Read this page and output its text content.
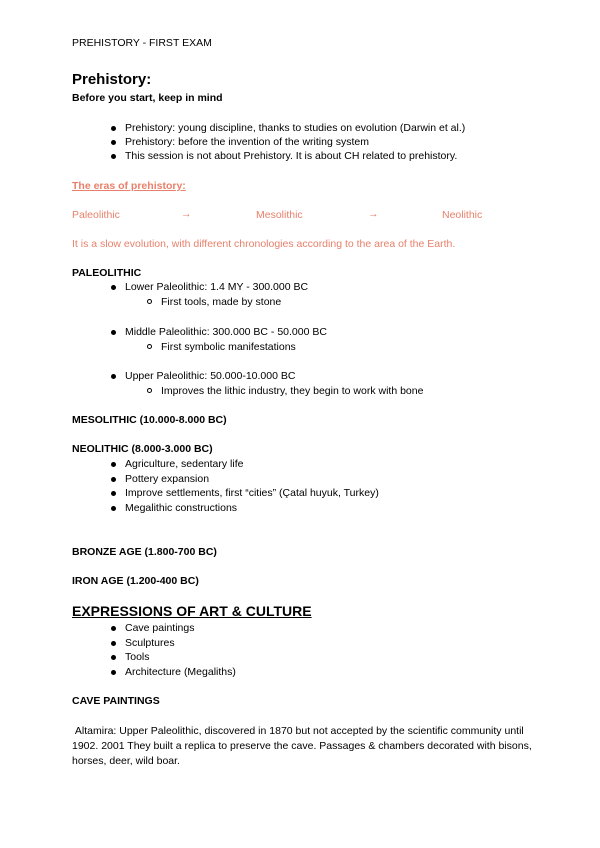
PREHISTORY - FIRST EXAM
Prehistory:
Before you start, keep in mind
Prehistory: young discipline, thanks to studies on evolution (Darwin et al.)
Prehistory: before the invention of the writing system
This session is not about Prehistory. It is about CH related to prehistory.
The eras of prehistory:
Paleolithic	→	Mesolithic	→	Neolithic
It is a slow evolution, with different chronologies according to the area of the Earth.
PALEOLITHIC
Lower Paleolithic: 1.4 MY - 300.000 BC
First tools, made by stone
Middle Paleolithic: 300.000 BC - 50.000 BC
First symbolic manifestations
Upper Paleolithic: 50.000-10.000 BC
Improves the lithic industry, they begin to work with bone
MESOLITHIC (10.000-8.000 BC)
NEOLITHIC (8.000-3.000 BC)
Agriculture, sedentary life
Pottery expansion
Improve settlements, first “cities” (Çatal huyuk, Turkey)
Megalithic constructions
BRONZE AGE (1.800-700 BC)
IRON AGE (1.200-400 BC)
EXPRESSIONS OF ART & CULTURE
Cave paintings
Sculptures
Tools
Architecture (Megaliths)
CAVE PAINTINGS
Altamira: Upper Paleolithic, discovered in 1870 but not accepted by the scientific community until 1902. 2001 They built a replica to preserve the cave. Passages & chambers decorated with bisons, horses, deer, wild boar.
